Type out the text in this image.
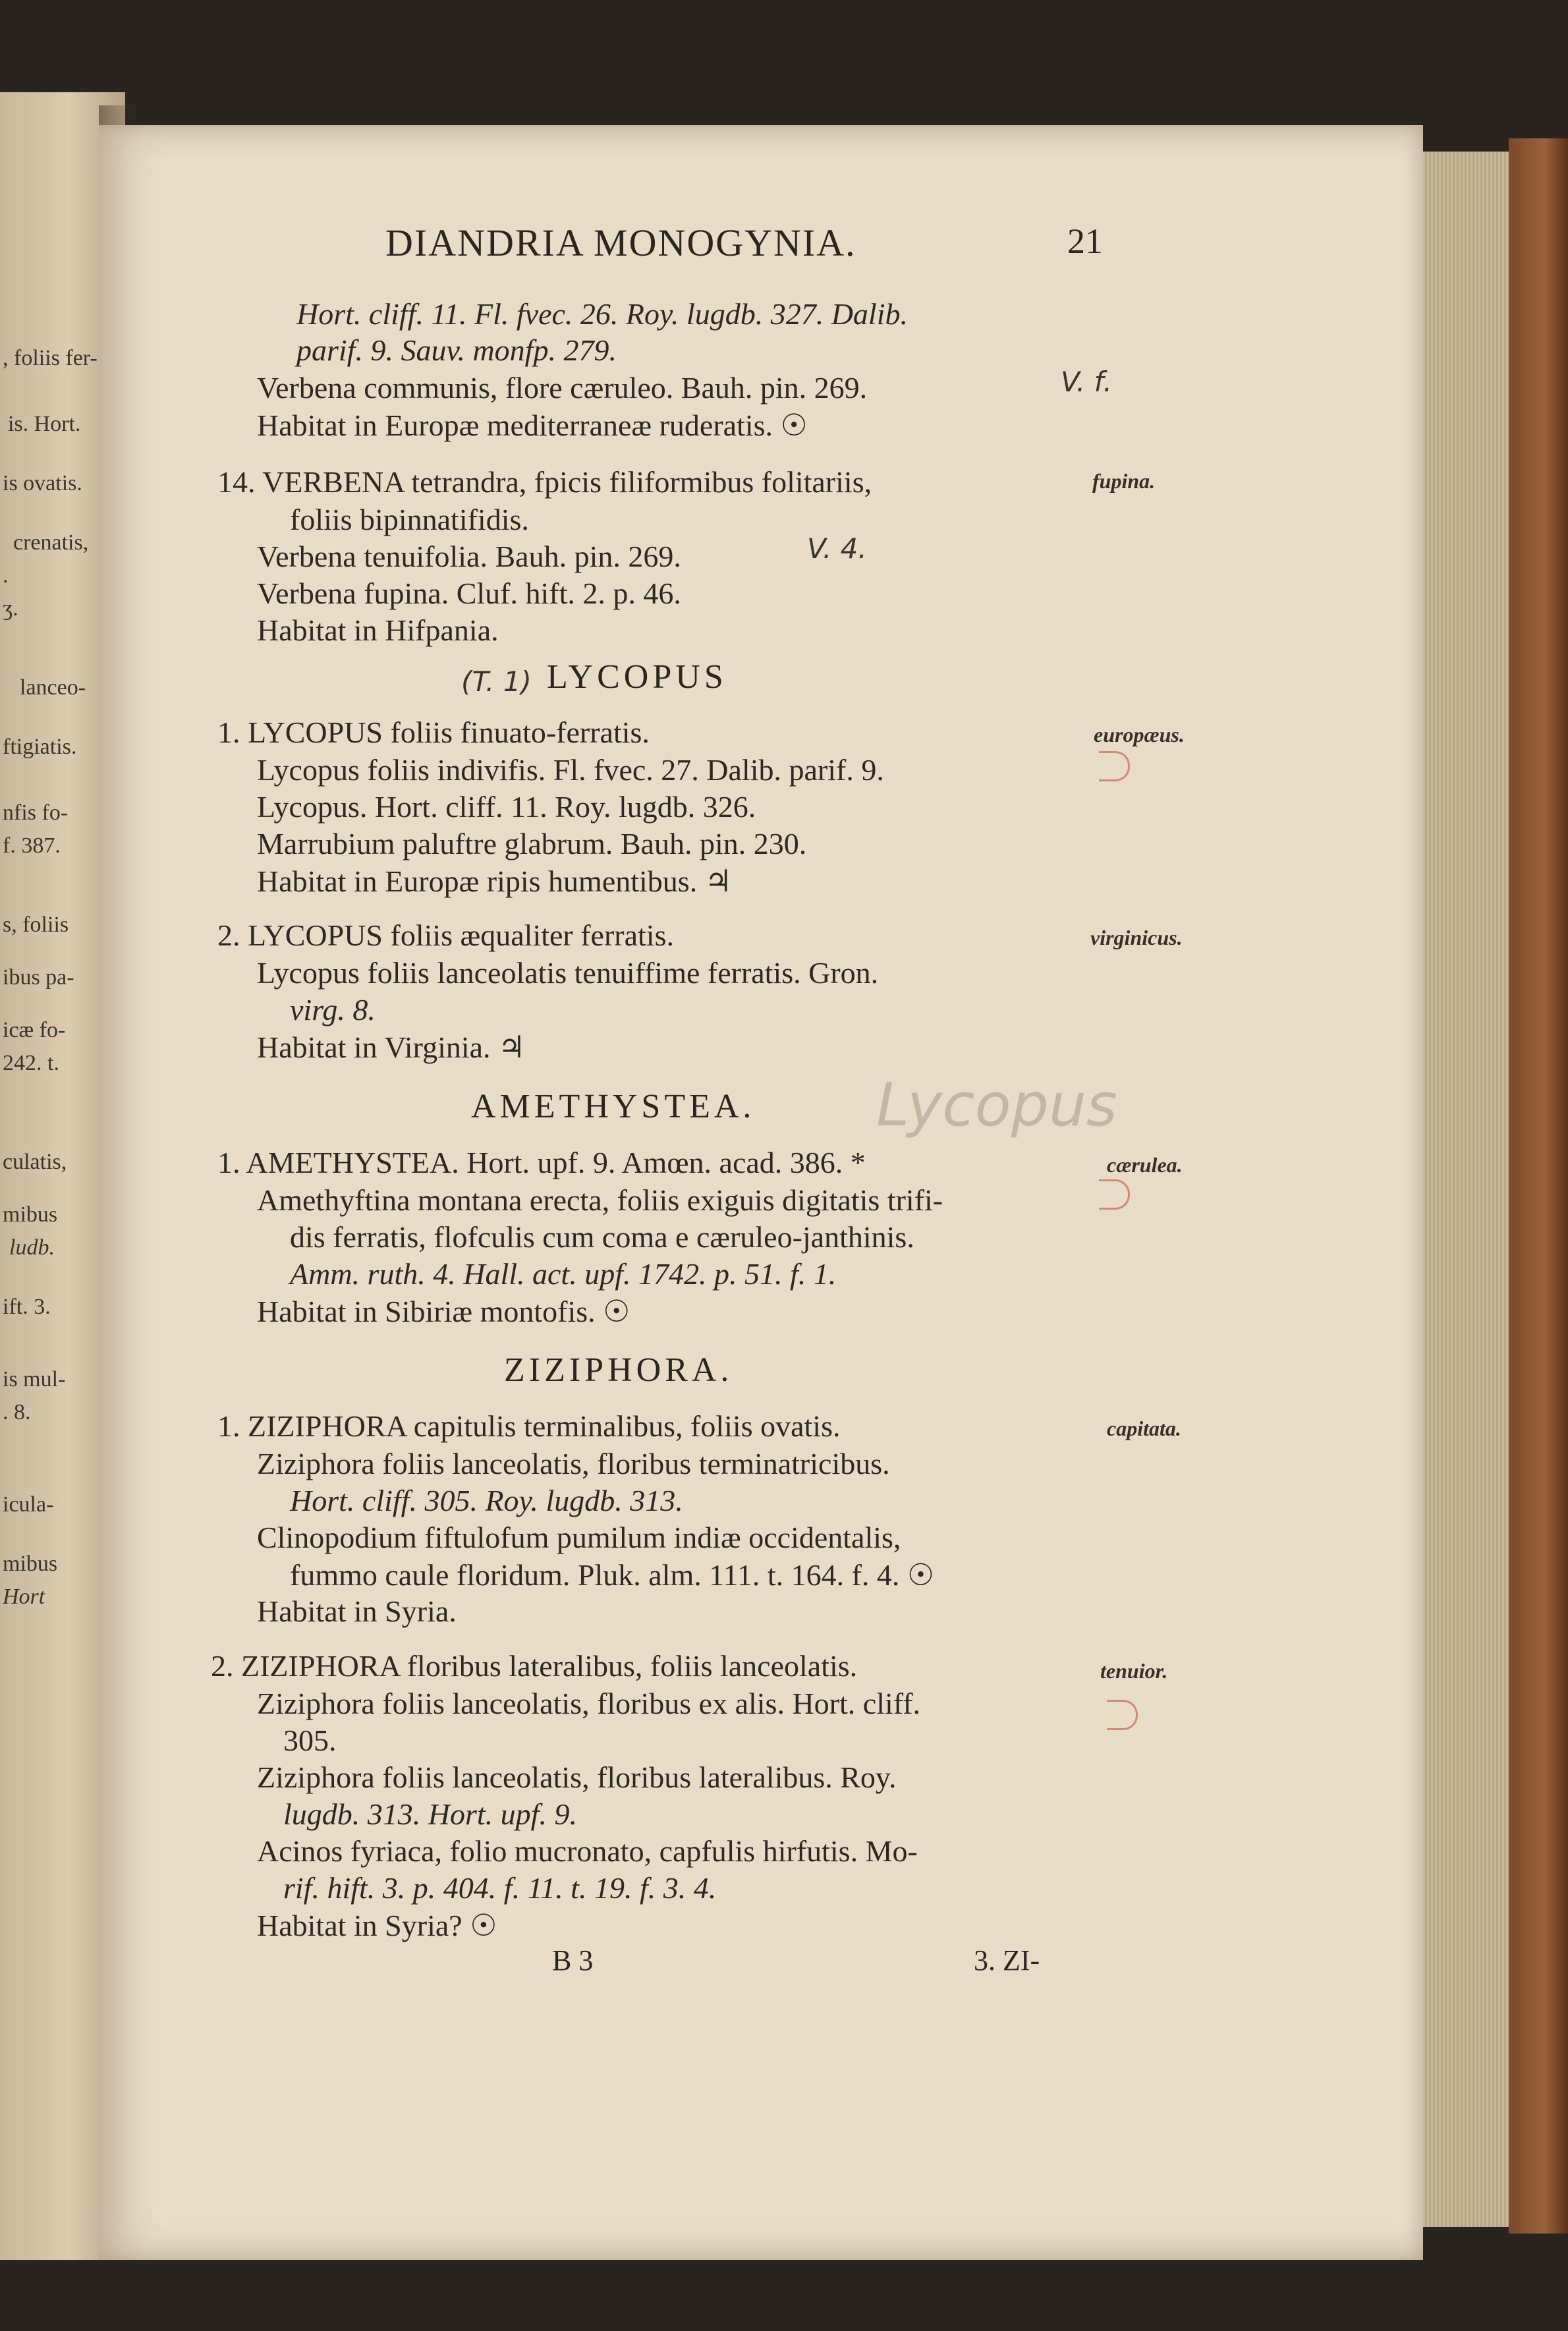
, foliis fer-
is. Hort.
is ovatis.
crenatis,
.
ʒ.
lanceo-
ftigiatis.
nfis fo-
f. 387.
s, foliis
ibus pa-
icæ fo-
242. t.
culatis,
mibus
ludb.
ift. 3.
is mul-
. 8.
icula-
mibus
Hort
DIANDRIA MONOGYNIA.	21
Hort. cliff. 11. Fl. fvec. 26. Roy. lugdb. 327. Dalib.
parif. 9. Sauv. monfp. 279.
Verbena communis, flore cæruleo. Bauh. pin. 269.	V. f.
Habitat in Europæ mediterraneæ ruderatis. ☉
14. VERBENA tetrandra, fpicis filiformibus folitariis,	fupina.
foliis bipinnatifidis.
Verbena tenuifolia. Bauh. pin. 269.	V. 4.
Verbena fupina. Cluf. hift. 2. p. 46.
Habitat in Hifpania.
(T. 1) LYCOPUS
1. LYCOPUS foliis finuato-ferratis.	europæus.
Lycopus foliis indivifis. Fl. fvec. 27. Dalib. parif. 9.
Lycopus. Hort. cliff. 11. Roy. lugdb. 326.
Marrubium paluftre glabrum. Bauh. pin. 230.
Habitat in Europæ ripis humentibus. ♃
2. LYCOPUS foliis æqualiter ferratis.	virginicus.
Lycopus foliis lanceolatis tenuiffime ferratis. Gron.
virg. 8.
Habitat in Virginia. ♃
AMETHYSTEA. Lycopus
1. AMETHYSTEA. Hort. upf. 9. Amœn. acad. 386. *	cærulea.
Amethyftina montana erecta, foliis exiguis digitatis trifi-
dis ferratis, flofculis cum coma e cæruleo-janthinis.
Amm. ruth. 4. Hall. act. upf. 1742. p. 51. f. 1.
Habitat in Sibiriæ montofis. ☉
ZIZIPHORA.
1. ZIZIPHORA capitulis terminalibus, foliis ovatis.	capitata.
Ziziphora foliis lanceolatis, floribus terminatricibus.
Hort. cliff. 305. Roy. lugdb. 313.
Clinopodium fiftulofum pumilum indiæ occidentalis,
fummo caule floridum. Pluk. alm. 111. t. 164. f. 4. ☉
Habitat in Syria.
2. ZIZIPHORA floribus lateralibus, foliis lanceolatis.	tenuior.
Ziziphora foliis lanceolatis, floribus ex alis. Hort. cliff.
305.
Ziziphora foliis lanceolatis, floribus lateralibus. Roy.
lugdb. 313. Hort. upf. 9.
Acinos fyriaca, folio mucronato, capfulis hirfutis. Mo-
rif. hift. 3. p. 404. f. 11. t. 19. f. 3. 4.
Habitat in Syria? ☉
B 3	3. ZI-
